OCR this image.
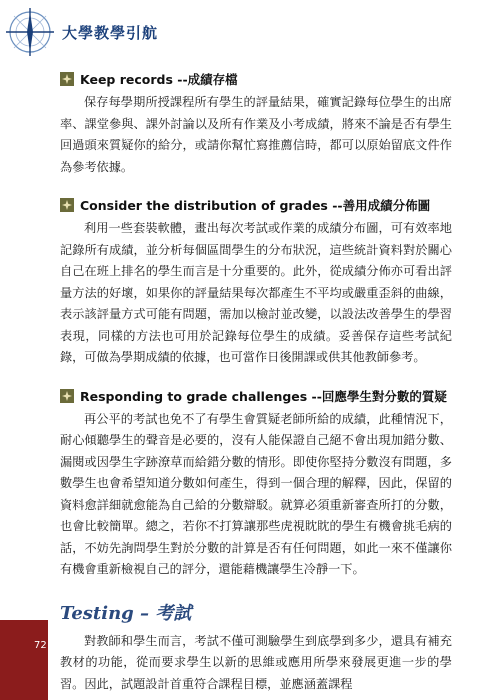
大學教學引航
Keep records --成績存檔

保存每學期所授課程所有學生的評量結果，確實記錄每位學生的出席率、課堂參與、課外討論以及所有作業及小考成績，將來不論是否有學生回過頭來質疑你的給分，或請你幫忙寫推薦信時，都可以原始留底文件作為參考依據。

Consider the distribution of grades --善用成績分佈圖

利用一些套裝軟體，畫出每次考試或作業的成績分布圖，可有效率地記錄所有成績，並分析每個區間學生的分布狀況，這些統計資料對於關心自己在班上排名的學生而言是十分重要的。此外，從成績分佈亦可看出評量方法的好壞，如果你的評量結果每次都產生不平均或嚴重歪斜的曲線，表示該評量方式可能有問題，需加以檢討並改變，以設法改善學生的學習表現，同樣的方法也可用於記錄每位學生的成績。妥善保存這些考試紀錄，可做為學期成績的依據，也可當作日後開課或供其他教師參考。

Responding to grade challenges --回應學生對分數的質疑

再公平的考試也免不了有學生會質疑老師所給的成績，此種情況下，耐心傾聽學生的聲音是必要的，沒有人能保證自己絕不會出現加錯分數、漏閱或因學生字跡潦草而給錯分數的情形。即使你堅持分數沒有問題，多數學生也會希望知道分數如何產生，得到一個合理的解釋，因此，保留的資料愈詳細就愈能為自己給的分數辯駁。就算必須重新審查所打的分數，也會比較簡單。總之，若你不打算讓那些虎視眈眈的學生有機會挑毛病的話，不妨先詢問學生對於分數的計算是否有任何問題，如此一來不僅讓你有機會重新檢視自己的評分，還能藉機讓學生冷靜一下。

Testing – 考試

對教師和學生而言，考試不僅可測驗學生到底學到多少，還具有補充教材的功能，從而要求學生以新的思維或應用所學來發展更進一步的學習。因此，試題設計首重符合課程目標，並應涵蓋課程

72
